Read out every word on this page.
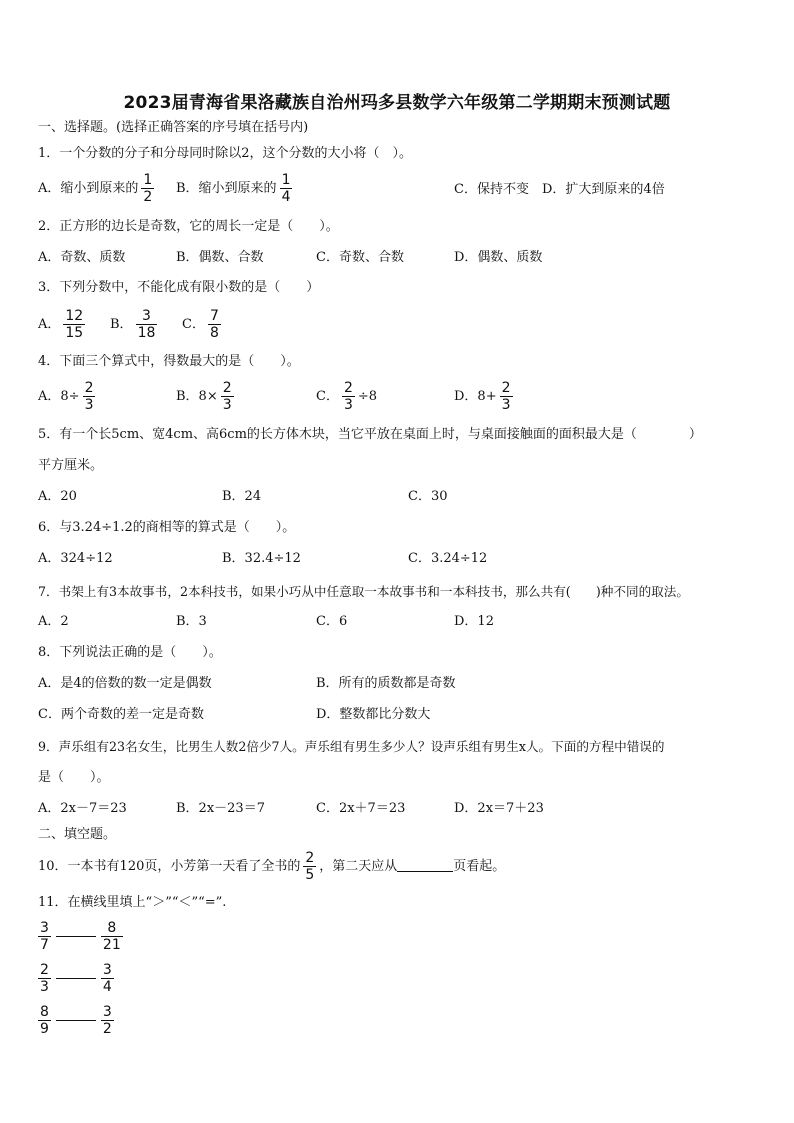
2023届青海省果洛藏族自治州玛多县数学六年级第二学期期末预测试题
一、选择题。(选择正确答案的序号填在括号内)
1．一个分数的分子和分母同时除以2，这个分数的大小将（　）。
A．缩小到原来的 $\frac{1}{2}$ B．缩小到原来的 $\frac{1}{4}$	C．保持不变 D．扩大到原来的4倍
2．正方形的边长是奇数，它的周长一定是（　　）。
A．奇数、质数	B．偶数、合数	C．奇数、合数	D．偶数、质数
3．下列分数中，不能化成有限小数的是（　　）
A． $\frac{12}{15}$ B． $\frac{3}{18}$ C． $\frac{7}{8}$
4．下面三个算式中，得数最大的是（　　）。
A．$8\div \frac{2}{3}$	B．$8\times \frac{2}{3}$	C． $\frac{2}{3} \div 8$	D．$8+ \frac{2}{3}$
5．有一个长5cm、宽4cm、高6cm的长方体木块，当它平放在桌面上时，与桌面接触面的面积最大是（　　　　）
平方厘米。
A．20	B．24	C．30
6．与3.24÷1.2的商相等的算式是（　　）。
A．324÷12	B．32.4÷12	C．3.24÷12
7．书架上有3本故事书，2本科技书，如果小巧从中任意取一本故事书和一本科技书，那么共有(　　)种不同的取法。
A．2	B．3	C．6	D．12
8．下列说法正确的是（　　）。
A．是4的倍数的数一定是偶数	B．所有的质数都是奇数
C．两个奇数的差一定是奇数	D．整数都比分数大
9．声乐组有23名女生，比男生人数2倍少7人。声乐组有男生多少人？设声乐组有男生x人。下面的方程中错误的
是（　　）。
A．2x－7＝23	B．2x－23＝7	C．2x＋7＝23	D．2x＝7＋23
二、填空题。
10．一本书有120页，小芳第一天看了全书的 $\frac{2}{5}$ ，第二天应从	页看起。
11．在横线里填上“＞”“＜”“=”.
$\frac{3}{7}$	$\frac{8}{21}$
$\frac{2}{3}$	$\frac{3}{4}$
$\frac{8}{9}$	$\frac{3}{2}$
